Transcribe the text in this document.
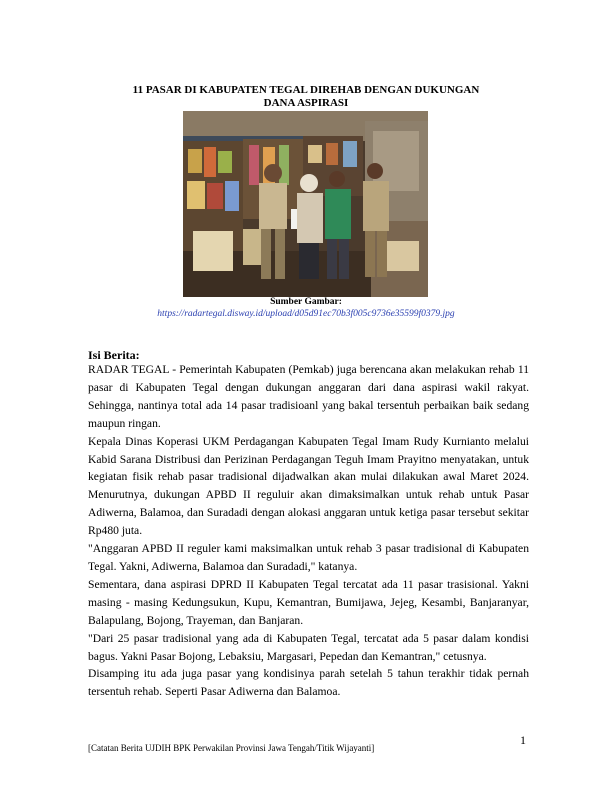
11 PASAR DI KABUPATEN TEGAL DIREHAB DENGAN DUKUNGAN
DANA ASPIRASI
Sumber Gambar:
https://radartegal.disway.id/upload/d05d91ec70b3f005c9736e35599f0379.jpg
Isi Berita:

RADAR TEGAL - Pemerintah Kabupaten (Pemkab) juga berencana akan melakukan rehab 11 pasar di Kabupaten Tegal dengan dukungan anggaran dari dana aspirasi wakil rakyat. Sehingga, nantinya total ada 14 pasar tradisioanl yang bakal tersentuh perbaikan baik sedang maupun ringan.

Kepala Dinas Koperasi UKM Perdagangan Kabupaten Tegal Imam Rudy Kurnianto melalui Kabid Sarana Distribusi dan Perizinan Perdagangan Teguh Imam Prayitno menyatakan, untuk kegiatan fisik rehab pasar tradisional dijadwalkan akan mulai dilakukan awal Maret 2024. Menurutnya, dukungan APBD II reguluir akan dimaksimalkan untuk rehab untuk Pasar Adiwerna, Balamoa, dan Suradadi dengan alokasi anggaran untuk ketiga pasar tersebut sekitar Rp480 juta.

"Anggaran APBD II reguler kami maksimalkan untuk rehab 3 pasar tradisional di Kabupaten Tegal. Yakni, Adiwerna, Balamoa dan Suradadi," katanya.

Sementara, dana aspirasi DPRD II Kabupaten Tegal tercatat ada 11 pasar trasisional. Yakni masing - masing Kedungsukun, Kupu, Kemantran, Bumijawa, Jejeg, Kesambi, Banjaranyar, Balapulang, Bojong, Trayeman, dan Banjaran.

"Dari 25 pasar tradisional yang ada di Kabupaten Tegal, tercatat ada 5 pasar dalam kondisi bagus. Yakni Pasar Bojong, Lebaksiu, Margasari, Pepedan dan Kemantran," cetusnya.

Disamping itu ada juga pasar yang kondisinya parah setelah 5 tahun terakhir tidak pernah tersentuh rehab. Seperti Pasar Adiwerna dan Balamoa.

1
[Catatan Berita UJDIH BPK Perwakilan Provinsi Jawa Tengah/Titik Wijayanti]
